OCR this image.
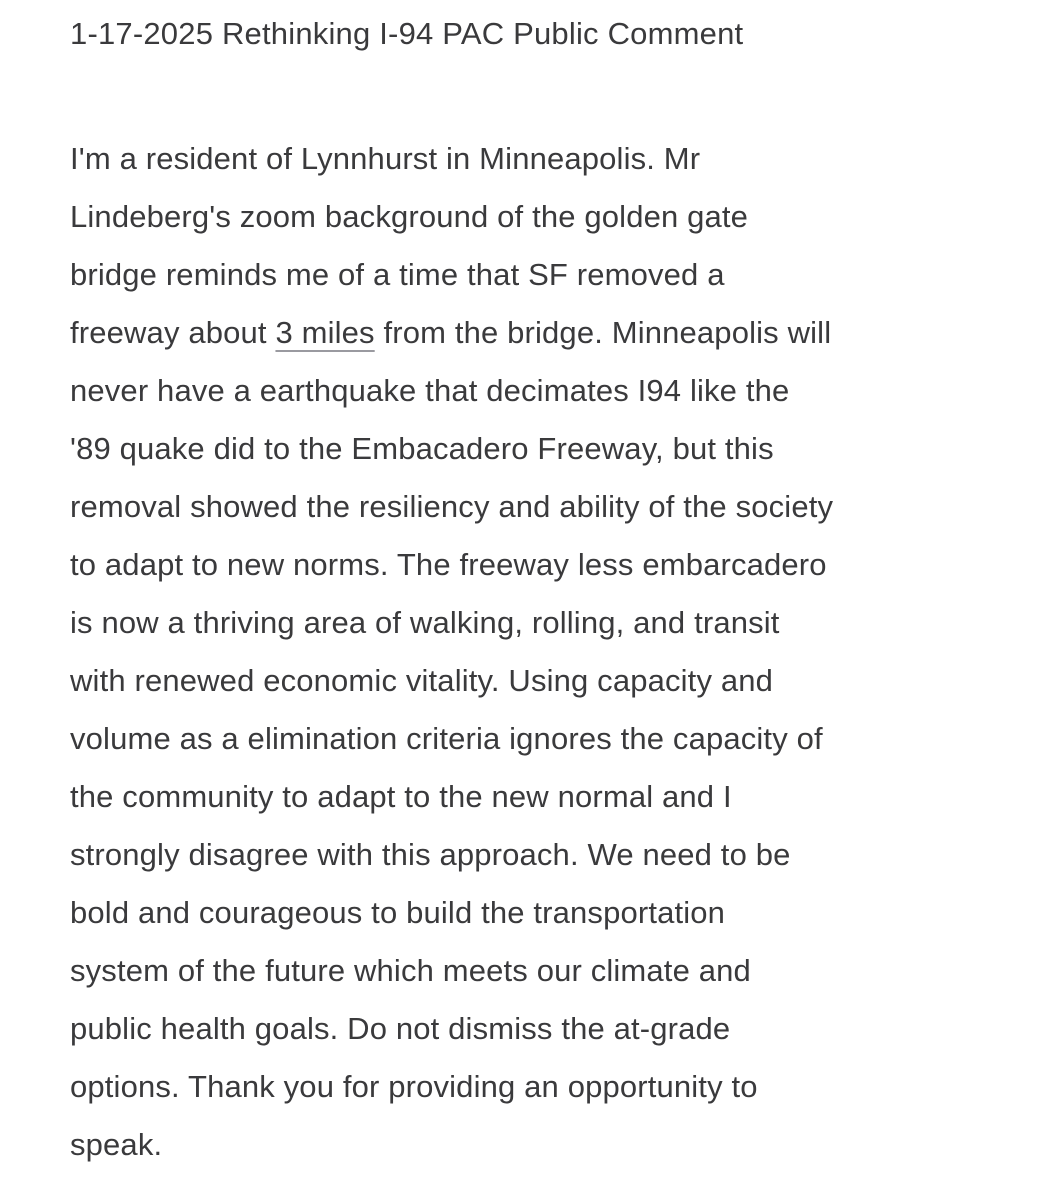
1-17-2025 Rethinking I-94 PAC Public Comment

I'm a resident of Lynnhurst in Minneapolis. Mr
Lindeberg's zoom background of the golden gate
bridge reminds me of a time that SF removed a
freeway about 3 miles from the bridge. Minneapolis will
never have a earthquake that decimates I94 like the
'89 quake did to the Embacadero Freeway, but this
removal showed the resiliency and ability of the society
to adapt to new norms. The freeway less embarcadero
is now a thriving area of walking, rolling, and transit
with renewed economic vitality. Using capacity and
volume as a elimination criteria ignores the capacity of
the community to adapt to the new normal and I
strongly disagree with this approach. We need to be
bold and courageous to build the transportation
system of the future which meets our climate and
public health goals. Do not dismiss the at-grade
options. Thank you for providing an opportunity to
speak.
